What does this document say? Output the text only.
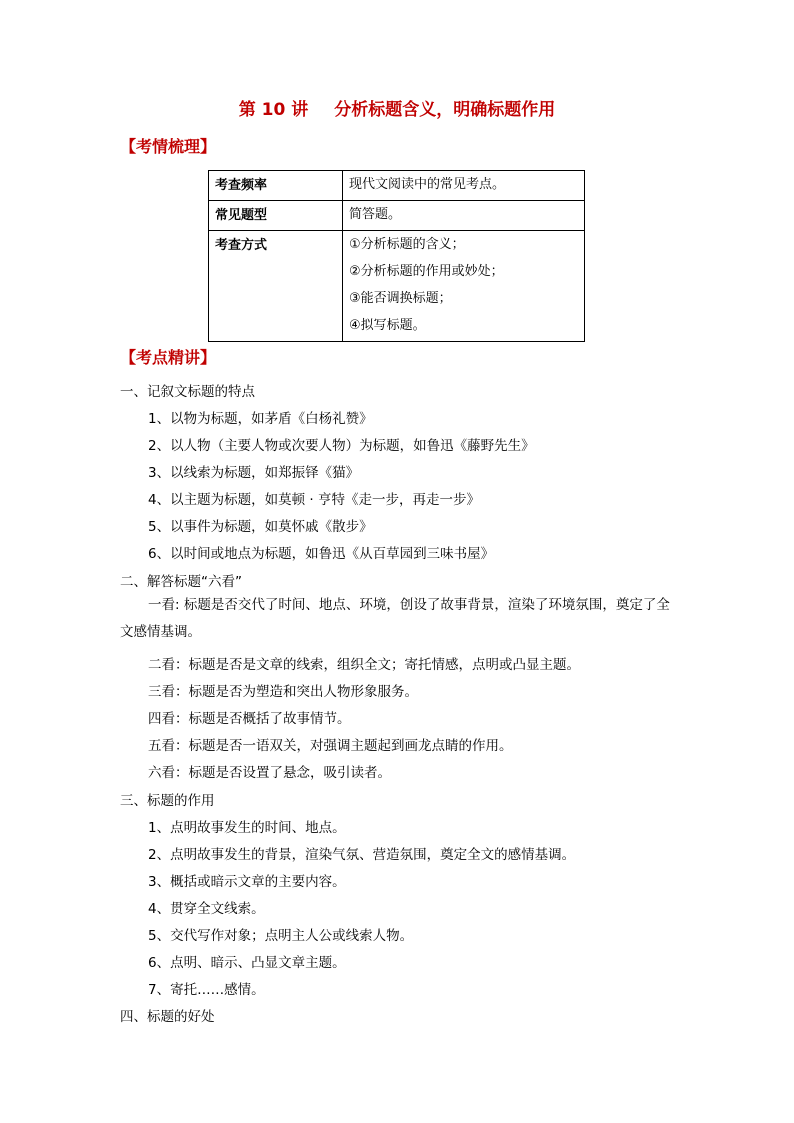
第 10 讲 分析标题含义，明确标题作用
【考情梳理】
考查频率	现代文阅读中的常见考点。

常见题型	简答题。

考查方式	①分析标题的含义；
②分析标题的作用或妙处；
③能否调换标题；
④拟写标题。
【考点精讲】
一、记叙文标题的特点
1、以物为标题，如茅盾《白杨礼赞》
2、以人物（主要人物或次要人物）为标题，如鲁迅《藤野先生》
3、以线索为标题，如郑振铎《猫》
4、以主题为标题，如莫顿 · 亨特《走一步，再走一步》
5、以事件为标题，如莫怀戚《散步》
6、以时间或地点为标题，如鲁迅《从百草园到三味书屋》
二、解答标题“六看”
一看: 标题是否交代了时间、地点、环境，创设了故事背景，渲染了环境氛围，奠定了全文感情基调。
二看：标题是否是文章的线索，组织全文；寄托情感，点明或凸显主题。
三看：标题是否为塑造和突出人物形象服务。
四看：标题是否概括了故事情节。
五看：标题是否一语双关，对强调主题起到画龙点睛的作用。
六看：标题是否设置了悬念，吸引读者。
三、标题的作用
1、点明故事发生的时间、地点。
2、点明故事发生的背景，渲染气氛、营造氛围，奠定全文的感情基调。
3、概括或暗示文章的主要内容。
4、贯穿全文线索。
5、交代写作对象；点明主人公或线索人物。
6、点明、暗示、凸显文章主题。
7、寄托……感情。
四、标题的好处
